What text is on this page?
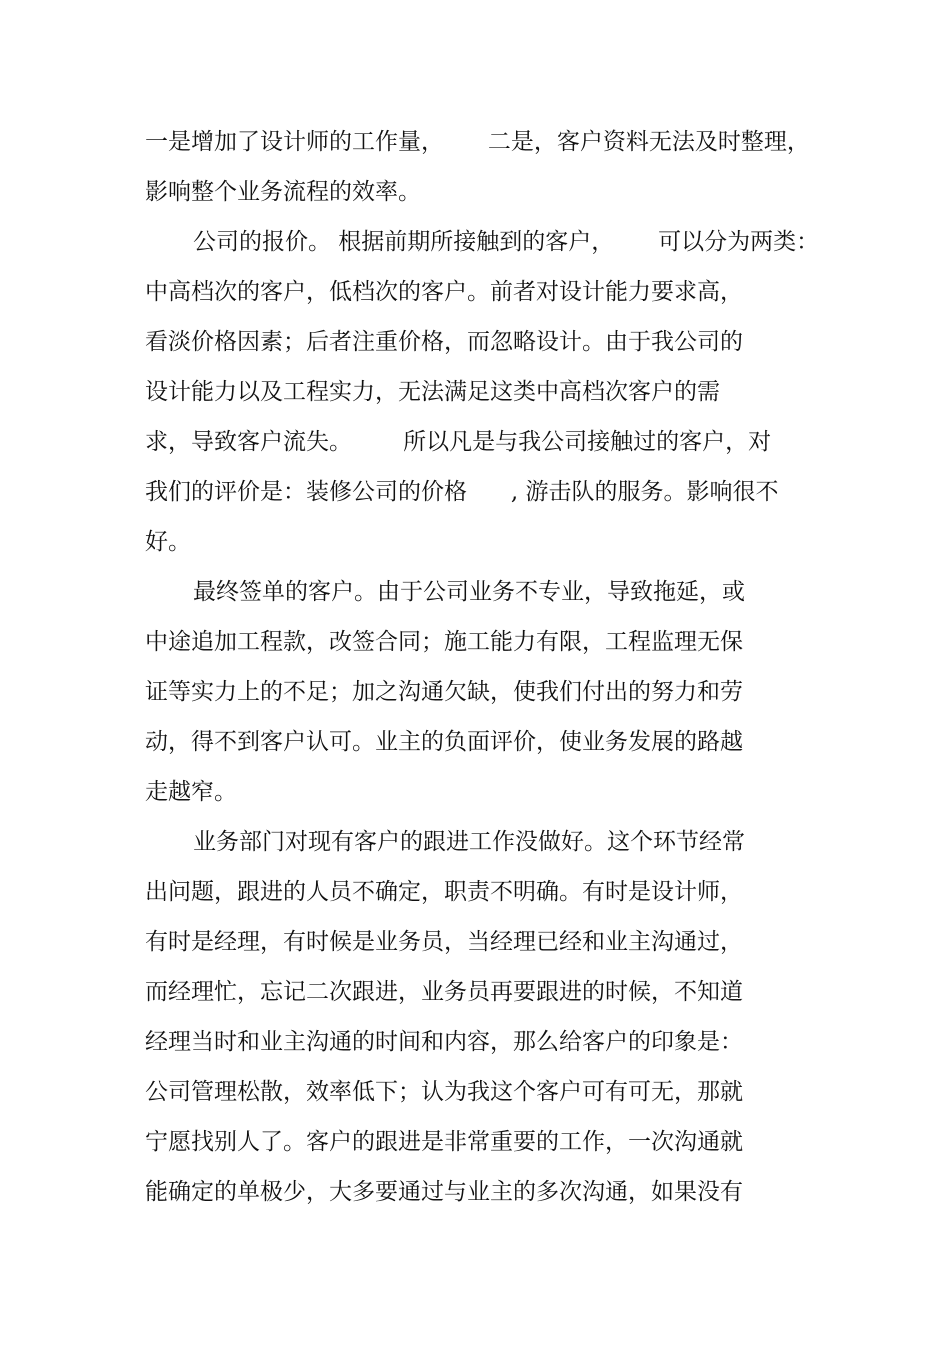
一是增加了设计师的工作量，      二是，客户资料无法及时整理，
影响整个业务流程的效率。
公司的报价。 根据前期所接触到的客户，      可以分为两类：
中高档次的客户，低档次的客户。前者对设计能力要求高，
看淡价格因素；后者注重价格，而忽略设计。由于我公司的
设计能力以及工程实力，无法满足这类中高档次客户的需
求，导致客户流失。       所以凡是与我公司接触过的客户，对
我们的评价是：装修公司的价格      , 游击队的服务。影响很不
好。
最终签单的客户。由于公司业务不专业，导致拖延，或
中途追加工程款，改签合同；施工能力有限，工程监理无保
证等实力上的不足；加之沟通欠缺，使我们付出的努力和劳
动，得不到客户认可。业主的负面评价，使业务发展的路越
走越窄。
业务部门对现有客户的跟进工作没做好。这个环节经常
出问题，跟进的人员不确定，职责不明确。有时是设计师，
有时是经理，有时候是业务员，当经理已经和业主沟通过，
而经理忙，忘记二次跟进，业务员再要跟进的时候，不知道
经理当时和业主沟通的时间和内容，那么给客户的印象是：
公司管理松散，效率低下；认为我这个客户可有可无，那就
宁愿找别人了。客户的跟进是非常重要的工作，一次沟通就
能确定的单极少，大多要通过与业主的多次沟通，如果没有
